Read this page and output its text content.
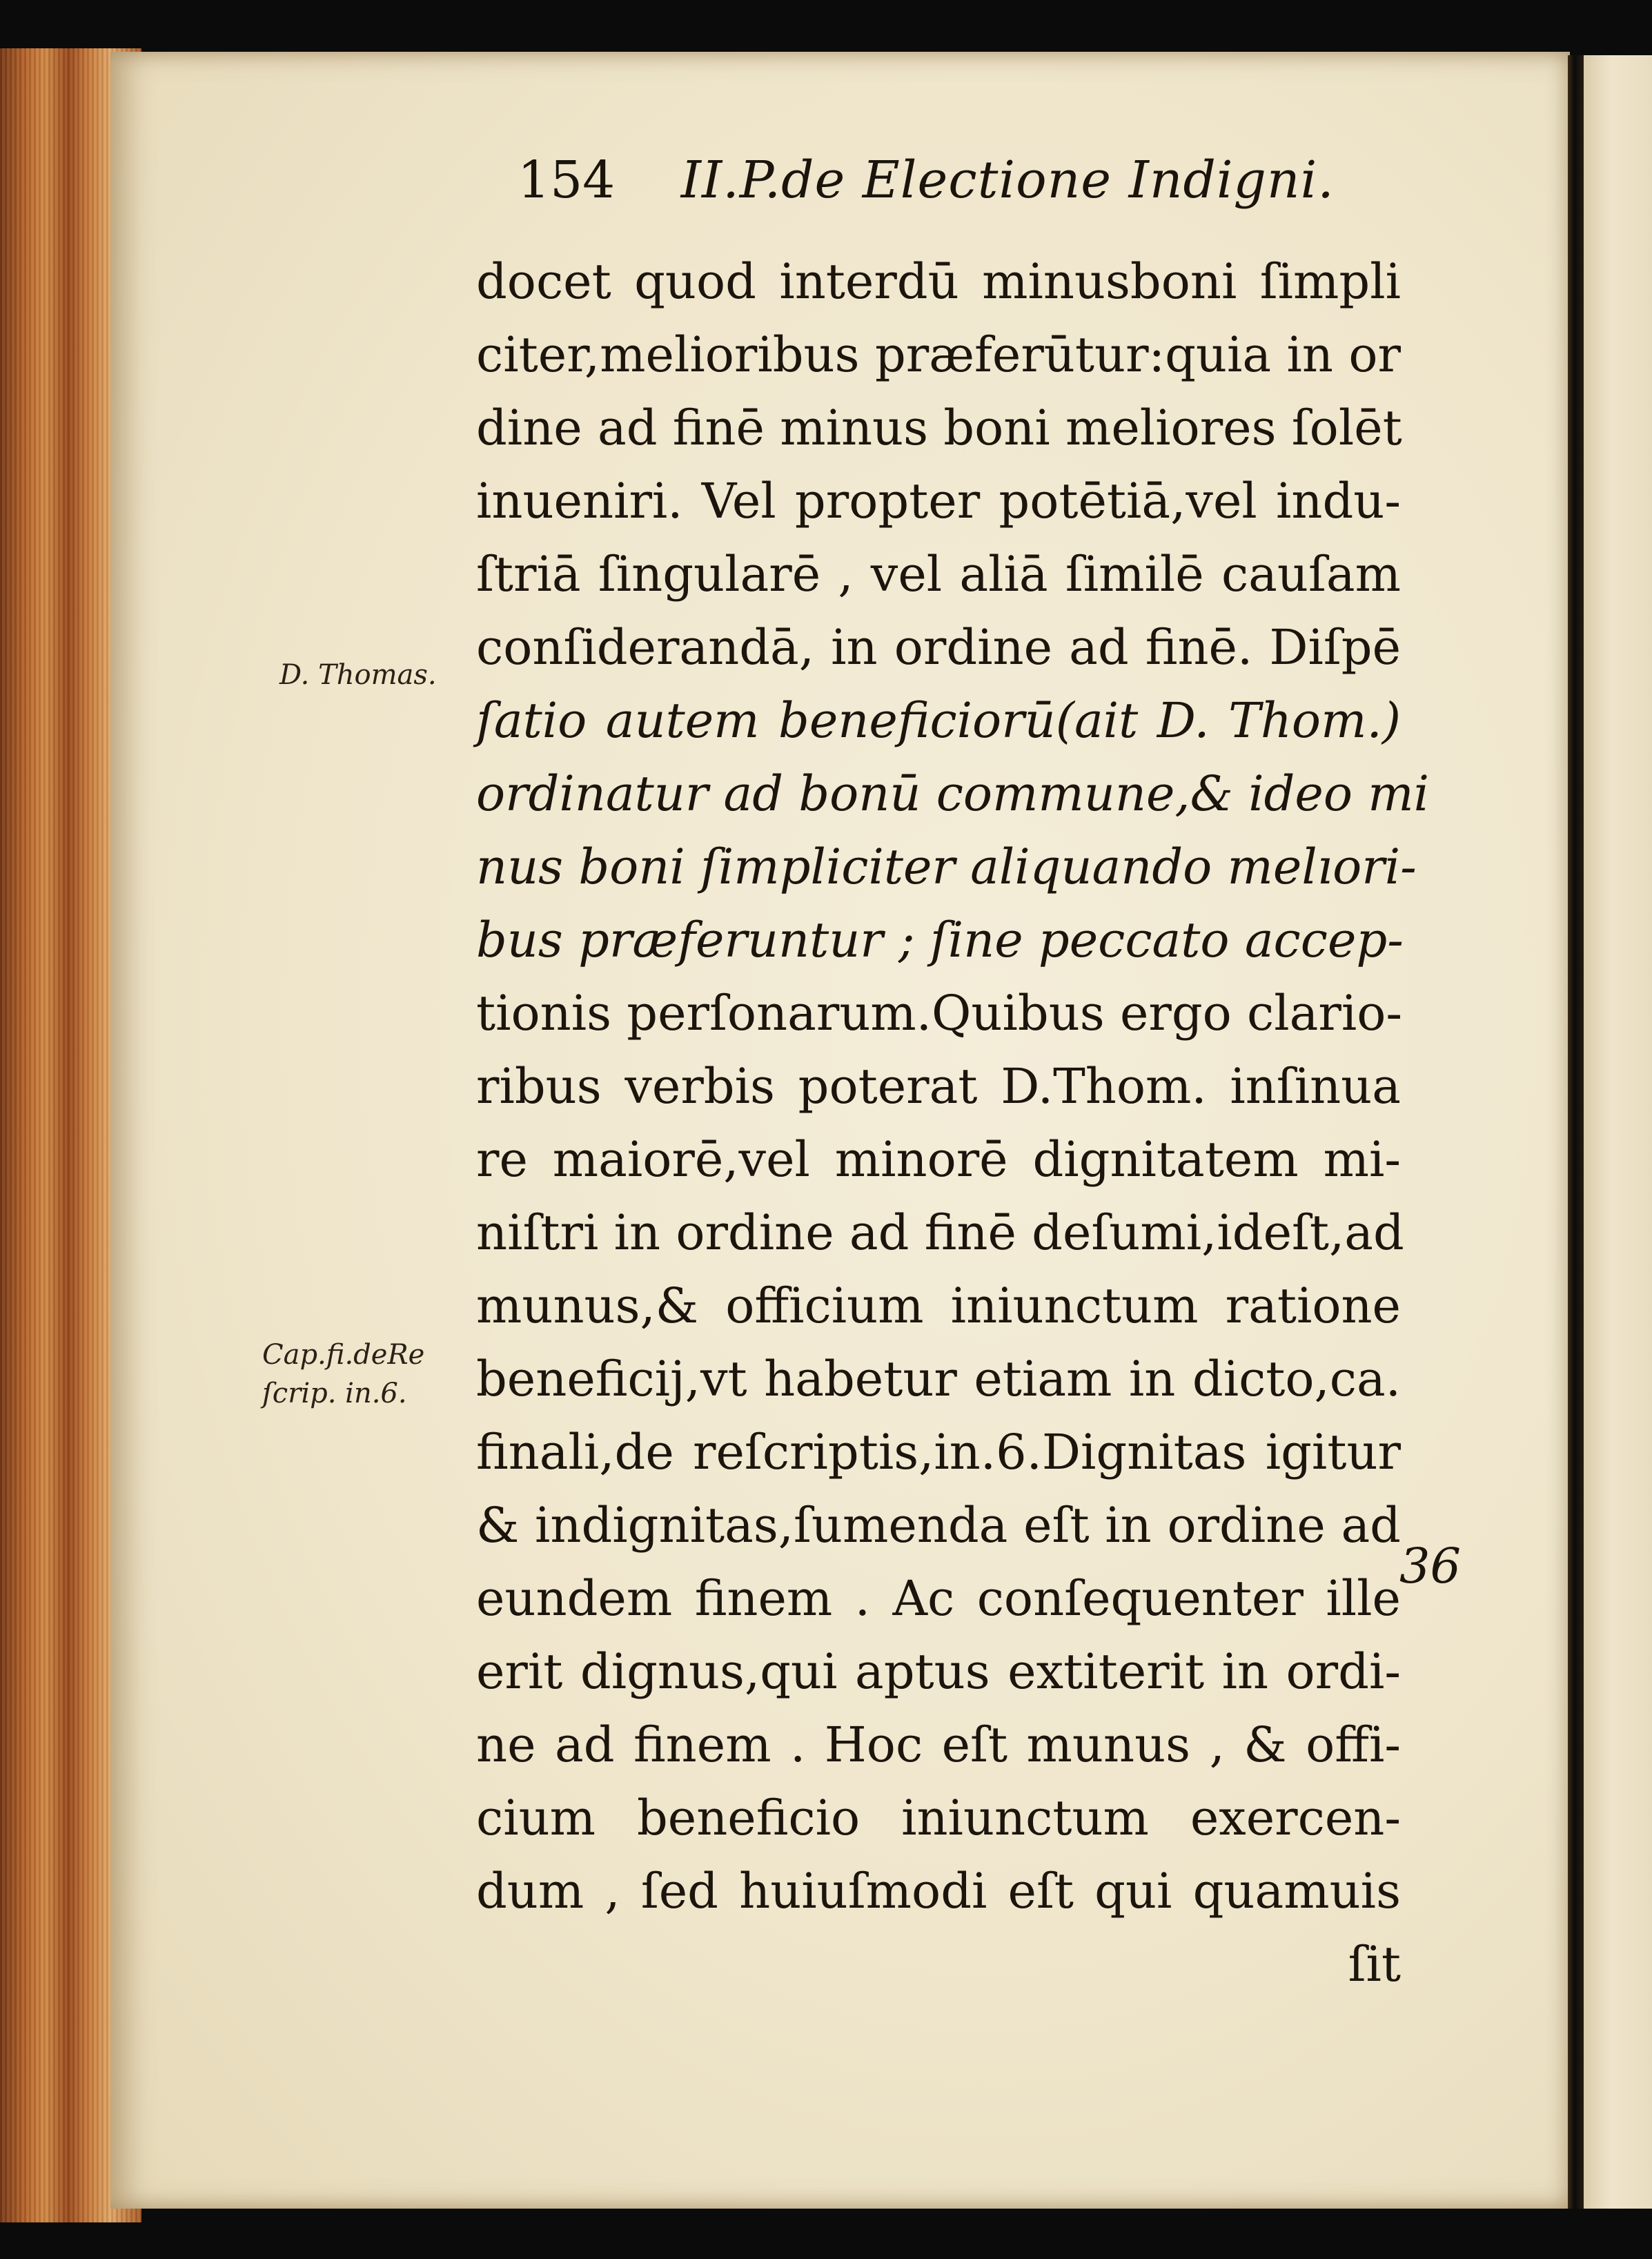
154 II.P.de Electione Indigni.
D. Thomas.
Cap.fi.deRe
ſcrip. in.6.
docet quod interdū minusboni ſimpli
citer,melioribus præferūtur:quia in or
dine ad finē minus boni meliores ſolēt
inueniri. Vel propter potētiā,vel indu-
ſtriā ſingularē , vel aliā ſimilē cauſam
conſiderandā, in ordine ad finē. Diſpē
ſatio autem beneficiorū(ait D. Thom.)
ordinatur ad bonū commune,& ideo mi
nus boni ſimpliciter aliquando melıori-
bus præferuntur ; ſine peccato accep-
tionis perſonarum.Quibus ergo clario-
ribus verbis poterat D.Thom. inſinua
re maiorē,vel minorē dignitatem mi-
niſtri in ordine ad finē deſumi,ideſt,ad
munus,& officium iniunctum ratione
beneficij,vt habetur etiam in dicto,ca.
finali,de reſcriptis,in.6.Dignitas igitur
& indignitas,ſumenda eſt in ordine ad
eundem finem . Ac conſequenter ille
erit dignus,qui aptus extiterit in ordi-
ne ad finem . Hoc eſt munus , & offi-
cium beneficio iniunctum exercen-
dum , ſed huiuſmodi eſt qui quamuis
ſit
36
